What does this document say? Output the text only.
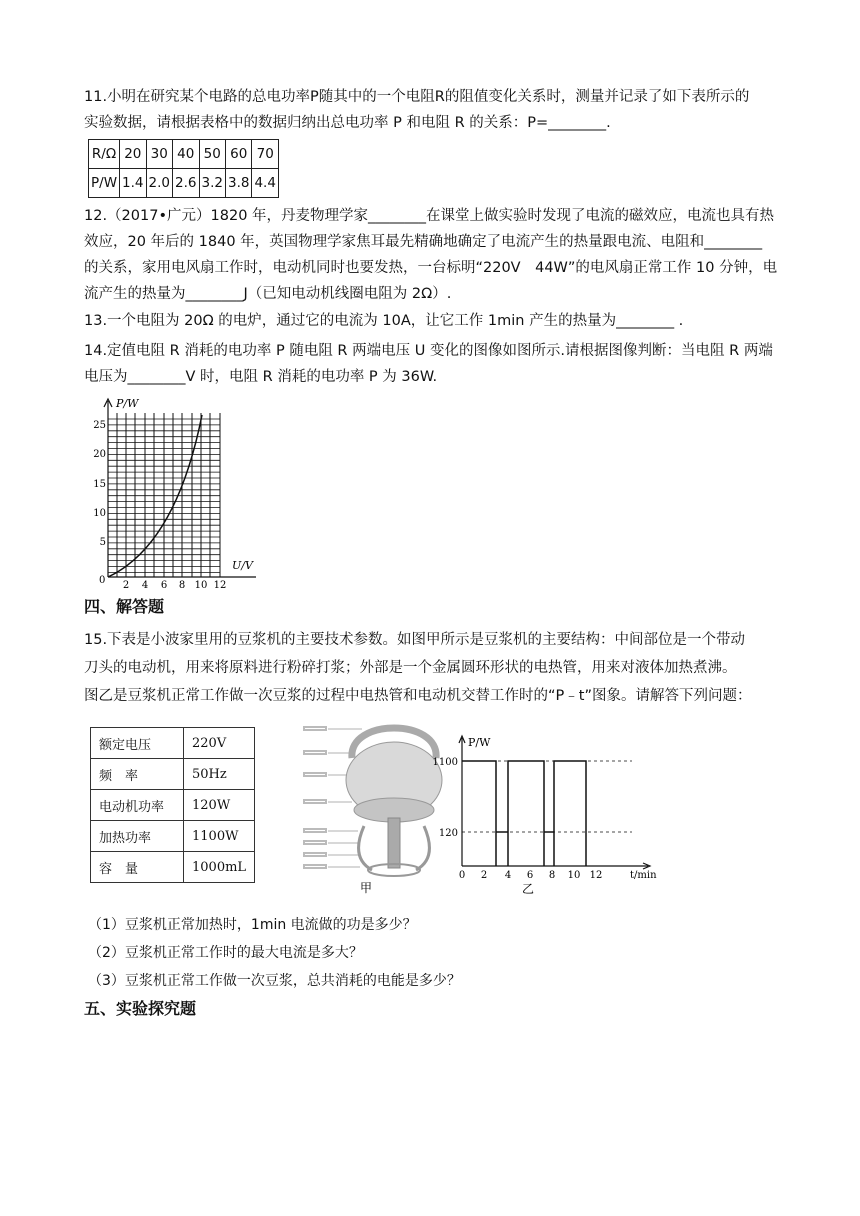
11.小明在研究某个电路的总电功率P随其中的一个电阻R的阻值变化关系时，测量并记录了如下表所示的
实验数据，请根据表格中的数据归纳出总电功率 P 和电阻 R 的关系：P=________.
R/Ω	20	30	40	50	60	70
P/W	1.4	2.0	2.6	3.2	3.8	4.4
12.（2017•广元）1820 年，丹麦物理学家________在课堂上做实验时发现了电流的磁效应，电流也具有热
效应，20 年后的 1840 年，英国物理学家焦耳最先精确地确定了电流产生的热量跟电流、电阻和________
的关系，家用电风扇工作时，电动机同时也要发热，一台标明“220V　44W”的电风扇正常工作 10 分钟，电
流产生的热量为________J（已知电动机线圈电阻为 2Ω）.
13.一个电阻为 20Ω 的电炉，通过它的电流为 10A，让它工作 1min 产生的热量为________ .
14.定值电阻 R 消耗的电功率 P 随电阻 R 两端电压 U 变化的图像如图所示.请根据图像判断：当电阻 R 两端
电压为________V 时，电阻 R 消耗的电功率 P 为 36W.
P/W
U/V
0
25
20
15
10
5
2 4 6 8 10 12
四、解答题
15.下表是小波家里用的豆浆机的主要技术参数。如图甲所示是豆浆机的主要结构：中间部位是一个带动
刀头的电动机，用来将原料进行粉碎打浆；外部是一个金属圆环形状的电热管，用来对液体加热煮沸。
图乙是豆浆机正常工作做一次豆浆的过程中电热管和电动机交替工作时的“P﹣t”图象。请解答下列问题：
额定电压	220V
频　率	50Hz
电动机功率	120W
加热功率	1100W
容　量	1000mL
甲
P/W
t/min
1100
120
0 2 4 6 8 10 12
乙
（1）豆浆机正常加热时，1min 电流做的功是多少？
（2）豆浆机正常工作时的最大电流是多大？
（3）豆浆机正常工作做一次豆浆，总共消耗的电能是多少？
五、实验探究题
